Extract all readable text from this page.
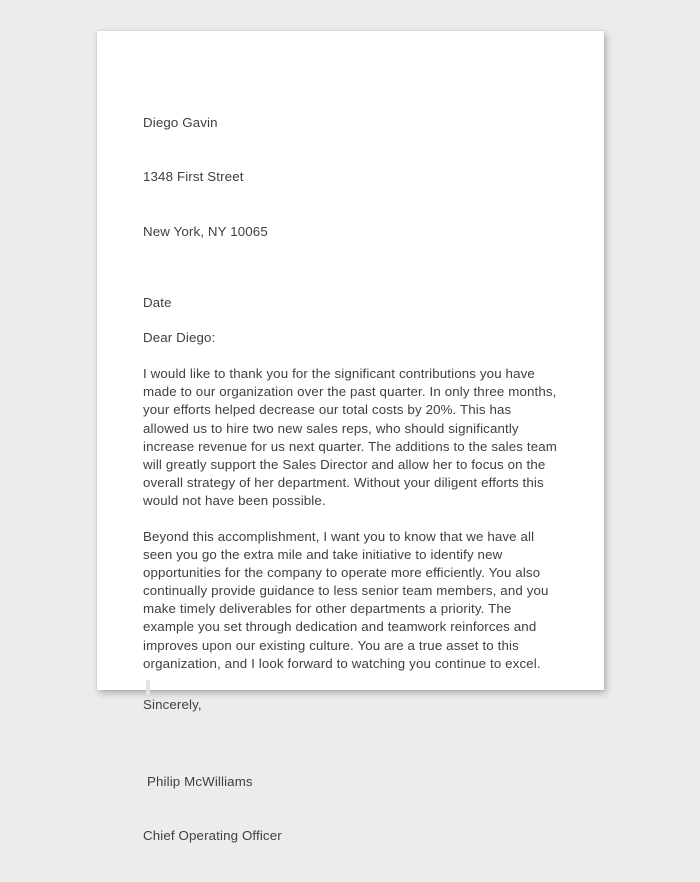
Diego Gavin

1348 First Street

New York, NY 10065

Date
Dear Diego:

I would like to thank you for the significant contributions you have made to our organization over the past quarter. In only three months, your efforts helped decrease our total costs by 20%. This has allowed us to hire two new sales reps, who should significantly increase revenue for us next quarter. The additions to the sales team will greatly support the Sales Director and allow her to focus on the overall strategy of her department. Without your diligent efforts this would not have been possible.

Beyond this accomplishment, I want you to know that we have all seen you go the extra mile and take initiative to identify new opportunities for the company to operate more efficiently. You also continually provide guidance to less senior team members, and you make timely deliverables for other departments a priority. The example you set through dedication and teamwork reinforces and improves upon our existing culture. You are a true asset to this organization, and I look forward to watching you continue to excel.

Sincerely,

Philip McWilliams

Chief Operating Officer
